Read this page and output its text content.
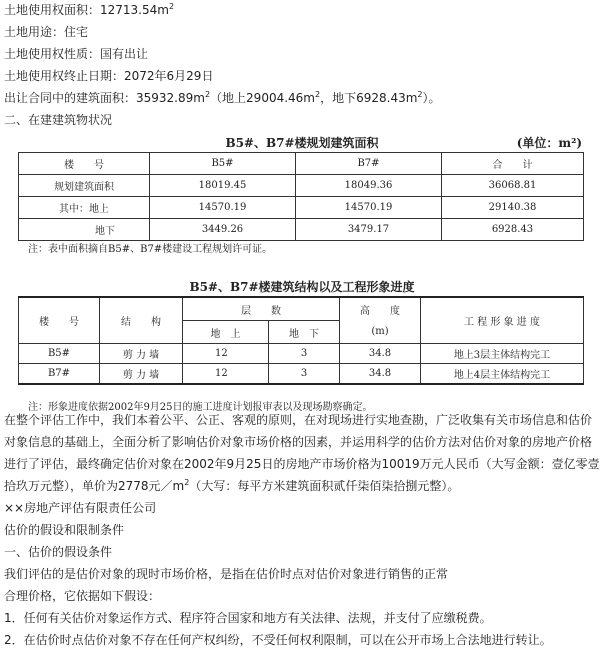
土地使用权面积：$12713.54m^2$
土地用途：住宅
土地使用权性质：国有出让
土地使用权终止日期：2072年6月29日
出让合同中的建筑面积：$35932.89m^2$（地上$29004.46m^2$，地下$6928.43m^2$）。
二、在建建筑物状况
B5#、B7#楼规划建筑面积	(单位：m²)
楼　　号	B5#	B7#	合　　计
规划建筑面积	18019.45	18049.36	36068.81
其中：地上	14570.19	14570.19	29140.38
地下	3449.26	3479.17	6928.43
注：表中面积摘自B5#、B7#楼建设工程规划许可证。
B5#、B7#楼建筑结构以及工程形象进度
楼　　号	结　　构	层　　数		高　　度	工 程 形 象 进 度
		地　上	地　下	(m)	
B5#	剪 力 墙	12	3	34.8	地上3层主体结构完工
B7#	剪 力 墙	12	3	34.8	地上4层主体结构完工
注：形象进度依据2002年9月25日的施工进度计划报审表以及现场勘察确定。
在整个评估工作中，我们本着公平、公正、客观的原则，在对现场进行实地查勘，广泛收集有关市场信息和估价
对象信息的基础上，全面分析了影响估价对象市场价格的因素，并运用科学的估价方法对估价对象的房地产价格
进行了评估，最终确定估价对象在2002年9月25日的房地产市场价格为10019万元人民币（大写金额：壹亿零壹
拾玖万元整），单价为2778元$/m^2$（大写：每平方米建筑面积贰仟柒佰柒拾捌元整）。
××房地产评估有限责任公司
估价的假设和限制条件
一、估价的假设条件
我们评估的是估价对象的现时市场价格，是指在估价时点对估价对象进行销售的正常
合理价格，它依据如下假设：
1．任何有关估价对象运作方式、程序符合国家和地方有关法律、法规，并支付了应缴税费。
2．在估价时点估价对象不存在任何产权纠纷，不受任何权利限制，可以在公开市场上合法地进行转让。
